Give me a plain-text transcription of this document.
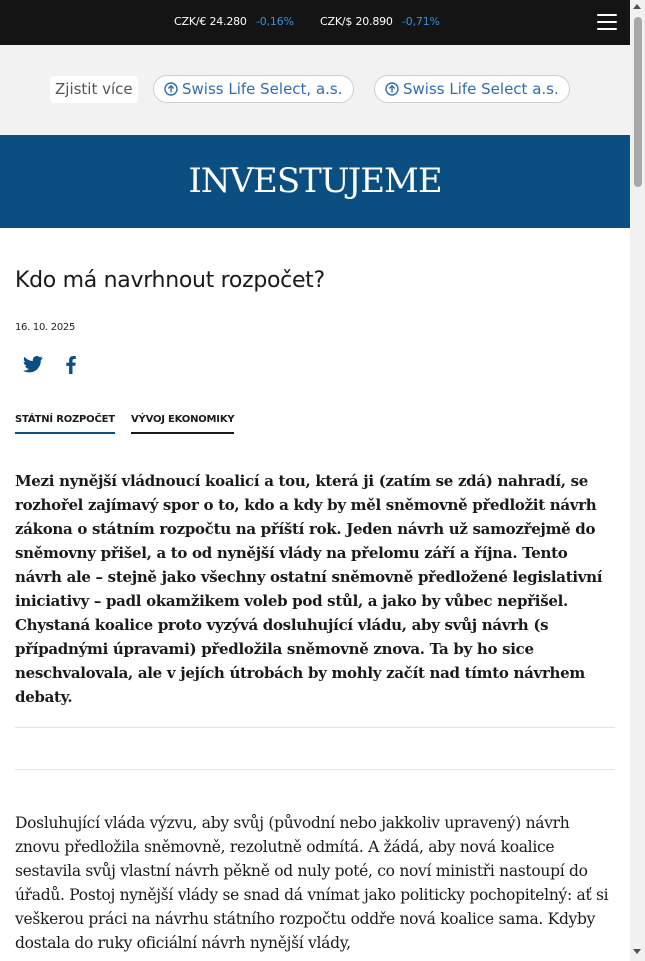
CZK/€ 24.280 -0,16% CZK/$ 20.890 -0,71%
Zjistit více	Swiss Life Select, a.s.	Swiss Life Select a.s.
INVESTUJEME
Kdo má navrhnout rozpočet?
16. 10. 2025
STÁTNÍ ROZPOČET VÝVOJ EKONOMIKY

Mezi nynější vládnoucí koalicí a tou, která ji (zatím se zdá) nahradí, se rozhořel zajímavý spor o to, kdo a kdy by měl sněmovně předložit návrh zákona o státním rozpočtu na příští rok. Jeden návrh už samozřejmě do sněmovny přišel, a to od nynější vlády na přelomu září a října. Tento návrh ale – stejně jako všechny ostatní sněmovně předložené legislativní iniciativy – padl okamžikem voleb pod stůl, a jako by vůbec nepřišel. Chystaná koalice proto vyzývá dosluhující vládu, aby svůj návrh (s případnými úpravami) předložila sněmovně znova. Ta by ho sice neschvalovala, ale v jejích útrobách by mohly začít nad tímto návrhem debaty.

Dosluhující vláda výzvu, aby svůj (původní nebo jakkoliv upravený) návrh znovu předložila sněmovně, rezolutně odmítá. A žádá, aby nová koalice sestavila svůj vlastní návrh pěkně od nuly poté, co noví ministři nastoupí do úřadů. Postoj nynější vlády se snad dá vnímat jako politicky pochopitelný: ať si veškerou práci na návrhu státního rozpočtu oddře nová koalice sama. Kdyby dostala do ruky oficiální návrh nynější vlády,
